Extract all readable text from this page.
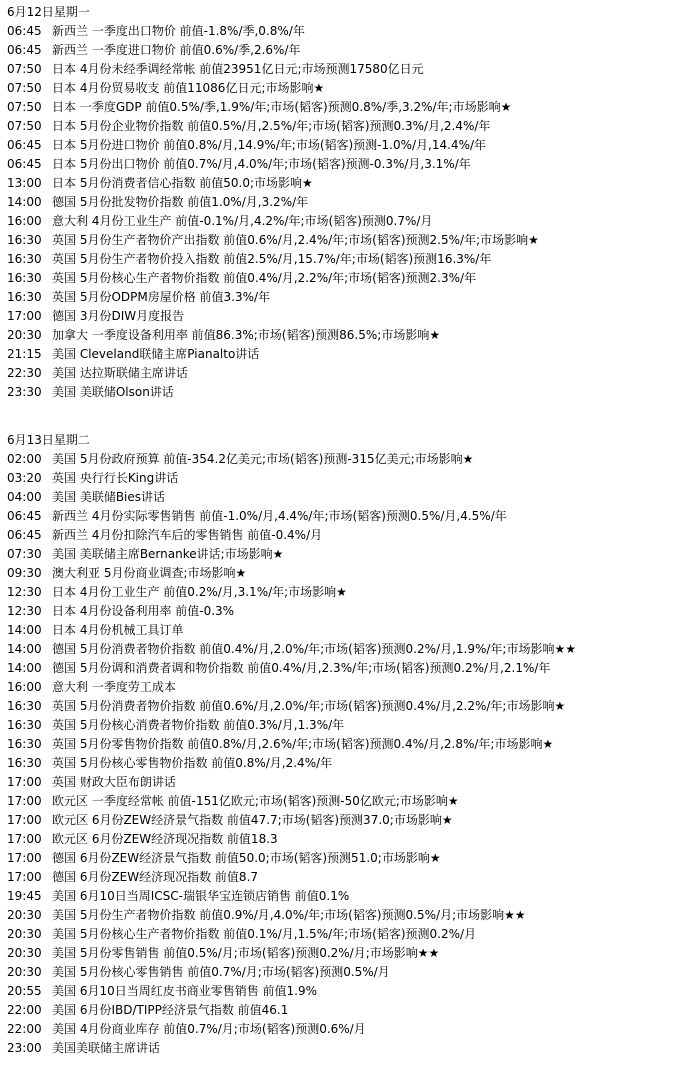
6月12日星期一
06:45 新西兰 一季度出口物价 前值-1.8%/季,0.8%/年
06:45 新西兰 一季度进口物价 前值0.6%/季,2.6%/年
07:50 日本 4月份未经季调经常帐 前值23951亿日元;市场预测17580亿日元
07:50 日本 4月份贸易收支 前值11086亿日元;市场影响★
07:50 日本 一季度GDP 前值0.5%/季,1.9%/年;市场(韬客)预测0.8%/季,3.2%/年;市场影响★
07:50 日本 5月份企业物价指数 前值0.5%/月,2.5%/年;市场(韬客)预测0.3%/月,2.4%/年
06:45 日本 5月份进口物价 前值0.8%/月,14.9%/年;市场(韬客)预测-1.0%/月,14.4%/年
06:45 日本 5月份出口物价 前值0.7%/月,4.0%/年;市场(韬客)预测-0.3%/月,3.1%/年
13:00 日本 5月份消费者信心指数 前值50.0;市场影响★
14:00 德国 5月份批发物价指数 前值1.0%/月,3.2%/年
16:00 意大利 4月份工业生产 前值-0.1%/月,4.2%/年;市场(韬客)预测0.7%/月
16:30 英国 5月份生产者物价产出指数 前值0.6%/月,2.4%/年;市场(韬客)预测2.5%/年;市场影响★
16:30 英国 5月份生产者物价投入指数 前值2.5%/月,15.7%/年;市场(韬客)预测16.3%/年
16:30 英国 5月份核心生产者物价指数 前值0.4%/月,2.2%/年;市场(韬客)预测2.3%/年
16:30 英国 5月份ODPM房屋价格 前值3.3%/年
17:00 德国 3月份DIW月度报告
20:30 加拿大 一季度设备利用率 前值86.3%;市场(韬客)预测86.5%;市场影响★
21:15 美国 Cleveland联储主席Pianalto讲话
22:30 美国 达拉斯联储主席讲话
23:30 美国 美联储Olson讲话
6月13日星期二
02:00 美国 5月份政府预算 前值-354.2亿美元;市场(韬客)预测-315亿美元;市场影响★
03:20 英国 央行行长King讲话
04:00 美国 美联储Bies讲话
06:45 新西兰 4月份实际零售销售 前值-1.0%/月,4.4%/年;市场(韬客)预测0.5%/月,4.5%/年
06:45 新西兰 4月份扣除汽车后的零售销售 前值-0.4%/月
07:30 美国 美联储主席Bernanke讲话;市场影响★
09:30 澳大利亚 5月份商业调查;市场影响★
12:30 日本 4月份工业生产 前值0.2%/月,3.1%/年;市场影响★
12:30 日本 4月份设备利用率 前值-0.3%
14:00 日本 4月份机械工具订单
14:00 德国 5月份消费者物价指数 前值0.4%/月,2.0%/年;市场(韬客)预测0.2%/月,1.9%/年;市场影响★★
14:00 德国 5月份调和消费者调和物价指数 前值0.4%/月,2.3%/年;市场(韬客)预测0.2%/月,2.1%/年
16:00 意大利 一季度劳工成本
16:30 英国 5月份消费者物价指数 前值0.6%/月,2.0%/年;市场(韬客)预测0.4%/月,2.2%/年;市场影响★
16:30 英国 5月份核心消费者物价指数 前值0.3%/月,1.3%/年
16:30 英国 5月份零售物价指数 前值0.8%/月,2.6%/年;市场(韬客)预测0.4%/月,2.8%/年;市场影响★
16:30 英国 5月份核心零售物价指数 前值0.8%/月,2.4%/年
17:00 英国 财政大臣布朗讲话
17:00 欧元区 一季度经常帐 前值-151亿欧元;市场(韬客)预测-50亿欧元;市场影响★
17:00 欧元区 6月份ZEW经济景气指数 前值47.7;市场(韬客)预测37.0;市场影响★
17:00 欧元区 6月份ZEW经济现况指数 前值18.3
17:00 德国 6月份ZEW经济景气指数 前值50.0;市场(韬客)预测51.0;市场影响★
17:00 德国 6月份ZEW经济现况指数 前值8.7
19:45 美国 6月10日当周ICSC-瑞银华宝连锁店销售 前值0.1%
20:30 美国 5月份生产者物价指数 前值0.9%/月,4.0%/年;市场(韬客)预测0.5%/月;市场影响★★
20:30 美国 5月份核心生产者物价指数 前值0.1%/月,1.5%/年;市场(韬客)预测0.2%/月
20:30 美国 5月份零售销售 前值0.5%/月;市场(韬客)预测0.2%/月;市场影响★★
20:30 美国 5月份核心零售销售 前值0.7%/月;市场(韬客)预测0.5%/月
20:55 美国 6月10日当周红皮书商业零售销售 前值1.9%
22:00 美国 6月份IBD/TIPP经济景气指数 前值46.1
22:00 美国 4月份商业库存 前值0.7%/月;市场(韬客)预测0.6%/月
23:00 美国美联储主席讲话
